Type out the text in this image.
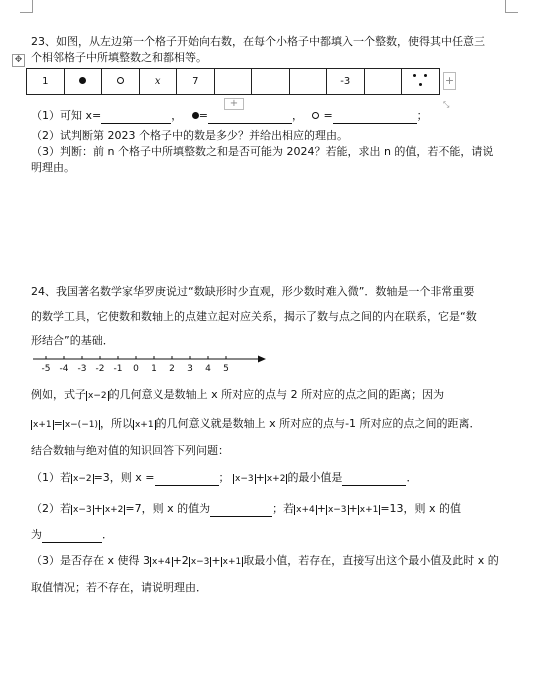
23、如图，从左边第一个格子开始向右数，在每个小格子中都填入一个整数，使得其中任意三
个相邻格子中所填整数之和都相等。
✥
1			x	7				-3			+
+	⤡
（1）可知 x=	， =	， =	；
（2）试判断第 2023 个格子中的数是多少？并给出相应的理由。
（3）判断：前 n 个格子中所填整数之和是否可能为 2024？若能，求出 n 的值，若不能，请说
明理由。
24、我国著名数学家华罗庚说过“数缺形时少直观，形少数时难入微”．数轴是一个非常重要
的数学工具，它使数和数轴上的点建立起对应关系，揭示了数与点之间的内在联系，它是“数
形结合”的基础．
-5 -4 -3 -2 -1 0 1 2 3 4 5
例如，式子 x−2 的几何意义是数轴上 x 所对应的点与 2 所对应的点之间的距离；因为
x+1 = x−(−1) ，所以 x+1 的几何意义就是数轴上 x 所对应的点与-1 所对应的点之间的距离．
结合数轴与绝对值的知识回答下列问题：
（1）若 x−2 =3，则 x =	； x−3 + x+2 的最小值是	．
（2）若 x−3 + x+2 =7，则 x 的值为	；若 x+4 + x−3 + x+1 =13，则 x 的值
为	．
（3）是否存在 x 使得 3 x+4 +2 x−3 + x+1 取最小值，若存在，直接写出这个最小值及此时 x 的
取值情况；若不存在，请说明理由．
